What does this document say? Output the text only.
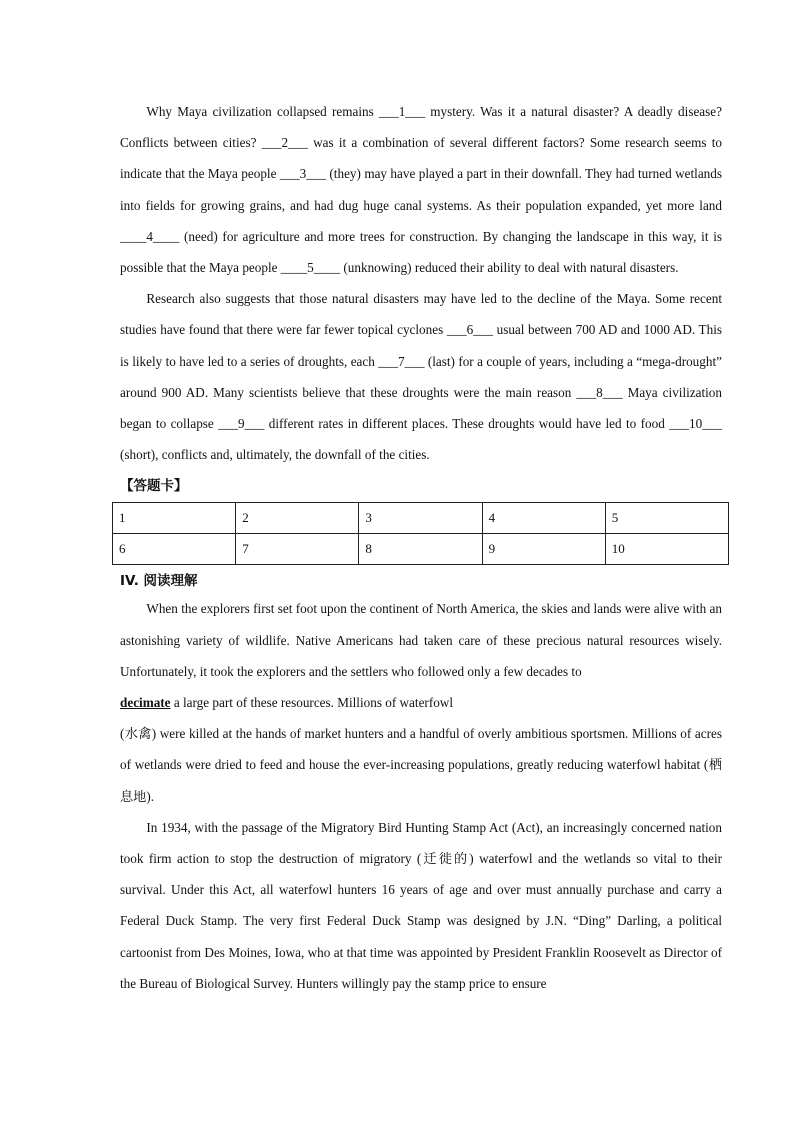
Why Maya civilization collapsed remains ___1___ mystery. Was it a natural disaster? A deadly disease? Conflicts between cities? ___2___ was it a combination of several different factors? Some research seems to indicate that the Maya people ___3___ (they) may have played a part in their downfall. They had turned wetlands into fields for growing grains, and had dug huge canal systems. As their population expanded, yet more land ____4____ (need) for agriculture and more trees for construction. By changing the landscape in this way, it is possible that the Maya people ____5____ (unknowing) reduced their ability to deal with natural disasters.

Research also suggests that those natural disasters may have led to the decline of the Maya. Some recent studies have found that there were far fewer topical cyclones ___6___ usual between 700 AD and 1000 AD. This is likely to have led to a series of droughts, each ___7___ (last) for a couple of years, including a “mega-drought” around 900 AD. Many scientists believe that these droughts were the main reason ___8___ Maya civilization began to collapse ___9___ different rates in different places. These droughts would have led to food ___10___ (short), conflicts and, ultimately, the downfall of the cities.

【答题卡】

1	2	3	4	5
6	7	8	9	10

IV. 阅读理解

When the explorers first set foot upon the continent of North America, the skies and lands were alive with an astonishing variety of wildlife. Native Americans had taken care of these precious natural resources wisely. Unfortunately, it took the explorers and the settlers who followed only a few decades to
decimate a large part of these resources. Millions of waterfowl

(水禽) were killed at the hands of market hunters and a handful of overly ambitious sportsmen. Millions of acres of wetlands were dried to feed and house the ever-increasing populations, greatly reducing waterfowl habitat (栖息地).

In 1934, with the passage of the Migratory Bird Hunting Stamp Act (Act), an increasingly concerned nation took firm action to stop the destruction of migratory (迁徙的) waterfowl and the wetlands so vital to their survival. Under this Act, all waterfowl hunters 16 years of age and over must annually purchase and carry a Federal Duck Stamp. The very first Federal Duck Stamp was designed by J.N. “Ding” Darling, a political cartoonist from Des Moines, Iowa, who at that time was appointed by President Franklin Roosevelt as Director of the Bureau of Biological Survey. Hunters willingly pay the stamp price to ensure
